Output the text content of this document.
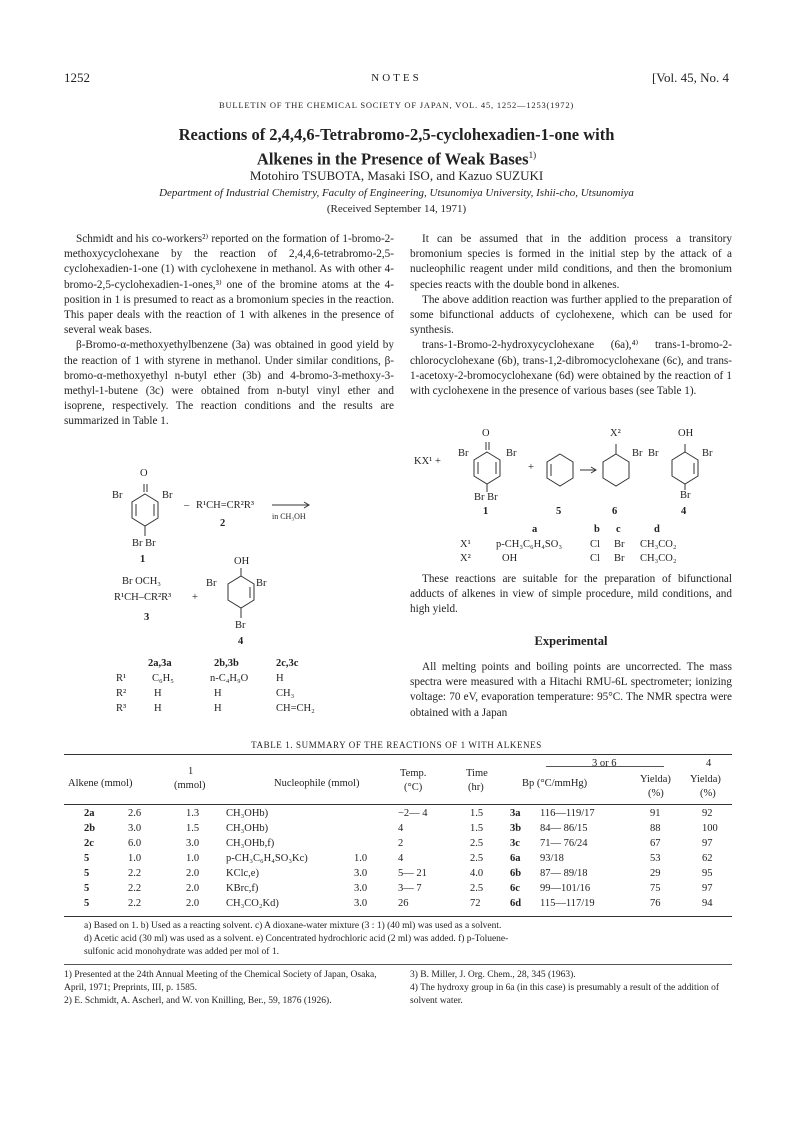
1252	NOTES	[Vol. 45, No. 4
BULLETIN OF THE CHEMICAL SOCIETY OF JAPAN, VOL. 45, 1252—1253(1972)
Reactions of 2,4,4,6-Tetrabromo-2,5-cyclohexadien-1-one with
Alkenes in the Presence of Weak Bases$^{1)}$
Motohiro TSUBOTA, Masaki ISO, and Kazuo SUZUKI
Department of Industrial Chemistry, Faculty of Engineering, Utsunomiya University, Ishii-cho, Utsunomiya
(Received September 14, 1971)

Schmidt and his co-workers²⁾ reported on the formation of 1-bromo-2-methoxycyclohexane by the reaction of 2,4,4,6-tetrabromo-2,5-cyclohexadien-1-one (1) with cyclohexene in methanol. As with other 4-bromo-2,5-cyclohexadien-1-ones,³⁾ one of the bromine atoms at the 4-position in 1 is presumed to react as a bromonium species in the reaction. This paper deals with the reaction of 1 with alkenes in the presence of several weak bases.

β-Bromo-α-methoxyethylbenzene (3a) was obtained in good yield by the reaction of 1 with styrene in methanol. Under similar conditions, β-bromo-α-methoxyethyl n-butyl ether (3b) and 4-bromo-3-methoxy-3-methyl-1-butene (3c) were obtained from n-butyl vinyl ether and isoprene, respectively. The reaction conditions and the results are summarized in Table 1.

O
Br	Br
Br Br
1
– R¹CH=CR²R³
2
in CH₃OH
Br OCH₃
R¹CH–CR²R³ +
OH
Br	Br
Br
3
4
2a,3a	2b,3b	2c,3c
R¹ C₆H₅	n-C₄H₉O	H
R²	H	H	CH₃
R³	H	H	CH=CH₂

It can be assumed that in the addition process a transitory bromonium species is formed in the initial step by the attack of a nucleophilic reagent under mild conditions, and then the bromonium species reacts with the double bond in alkenes.

The above addition reaction was further applied to the preparation of some bifunctional adducts of cyclohexene, which can be used for synthesis.

trans-1-Bromo-2-hydroxycyclohexane (6a),⁴⁾ trans-1-bromo-2-chlorocyclohexane (6b), trans-1,2-dibromocyclohexane (6c), and trans-1-acetoxy-2-bromocyclohexane (6d) were obtained by the reaction of 1 with cyclohexene in the presence of various bases (see Table 1).

O
KX¹ +
Br	Br
Br Br
+
X²
Br
OH
Br	Br
Br
1	5	6	4
a	b c	d
X¹ p-CH₃C₆H₄SO₃	Cl Br CH₃CO₂
X²	OH	Cl Br CH₃CO₂

These reactions are suitable for the preparation of bifunctional adducts of alkenes in view of simple procedure, mild conditions, and high yield.

Experimental

All melting points and boiling points are uncorrected. The mass spectra were measured with a Hitachi RMU-6L spectrometer; ionizing voltage: 70 eV, evaporation temperature: 95°C. The NMR spectra were obtained with a Japan

TABLE 1. SUMMARY OF THE REACTIONS OF 1 WITH ALKENES
3 or 6	4
Alkene (mmol)
1
(mmol)	Nucleophile (mmol)
Temp.
(°C)
Time
(hr)	Bp (°C/mmHg)	Yielda)
(%)
Yielda)
(%)
2a	2.6	1.3	CH₃OHb)	−2— 4	1.5	3a 116—119/17	91	92
2b	3.0	1.5	CH₃OHb)	4	1.5	3b 84— 86/15	88	100
2c	6.0	3.0	CH₃OHb,f)	2	2.5	3c 71— 76/24	67	97
5	1.0	1.0	p-CH₃C₆H₄SO₃Kc)	1.0	4	2.5	6a 93/18	53	62
5	2.2	2.0	KClc,e)	3.0	5— 21	4.0	6b 87— 89/18	29	95
5	2.2	2.0	KBrc,f)	3.0	3— 7	2.5	6c 99—101/16	75	97
5	2.2	2.0	CH₃CO₂Kd)	3.0	26	72	6d 115—117/19	76	94
a) Based on 1. b) Used as a reacting solvent. c) A dioxane-water mixture (3 : 1) (40 ml) was used as a solvent.
d) Acetic acid (30 ml) was used as a solvent. e) Concentrated hydrochloric acid (2 ml) was added. f) p-Toluene-
sulfonic acid monohydrate was added per mol of 1.

1) Presented at the 24th Annual Meeting of the Chemical Society of Japan, Osaka, April, 1971; Preprints, III, p. 1585.

2) E. Schmidt, A. Ascherl, and W. von Knilling, Ber., 59, 1876 (1926).

3) B. Miller, J. Org. Chem., 28, 345 (1963).

4) The hydroxy group in 6a (in this case) is presumably a result of the addition of solvent water.
